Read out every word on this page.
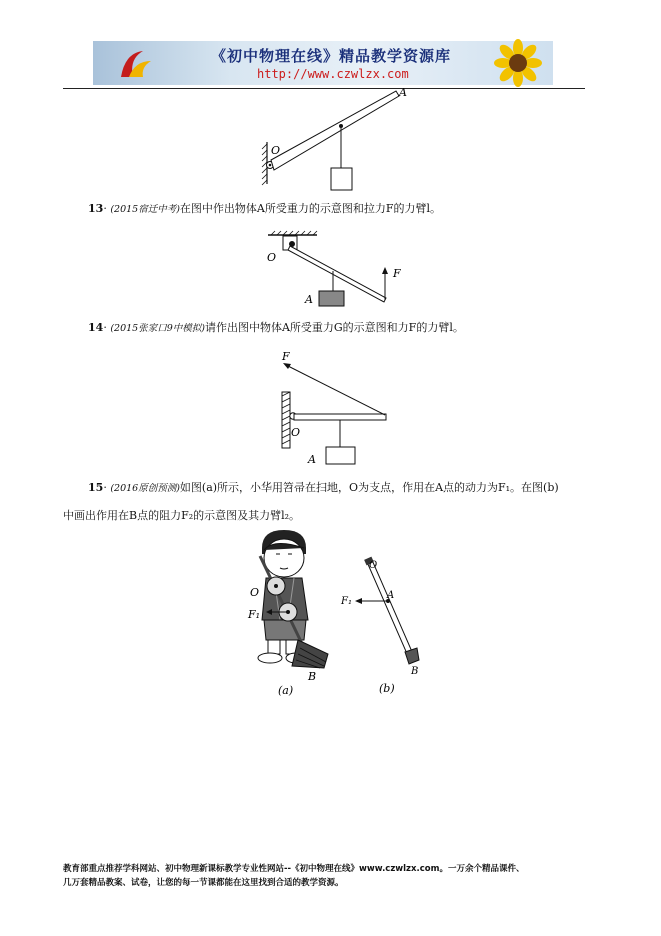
《初中物理在线》精品教学资源库
http://www.czwlzx.com
A
O
13· (2015宿迁中考)在图中作出物体A所受重力的示意图和拉力F的力臂l。
O
F
A
14· (2015张家口9中模拟)请作出图中物体A所受重力G的示意图和力F的力臂l。
F
O
A
15· (2016原创预测)如图(a)所示，小华用笤帚在扫地，O为支点，作用在A点的动力为F₁。在图(b)
中画出作用在B点的阻力F₂的示意图及其力臂l₂。
O
F₁
B
(a)
O
F₁
A
B
(b)
教育部重点推荐学科网站、初中物理新课标教学专业性网站--《初中物理在线》www.czwlzx.com。一万余个精品课件、
几万套精品教案、试卷，让您的每一节课都能在这里找到合适的教学资源。
